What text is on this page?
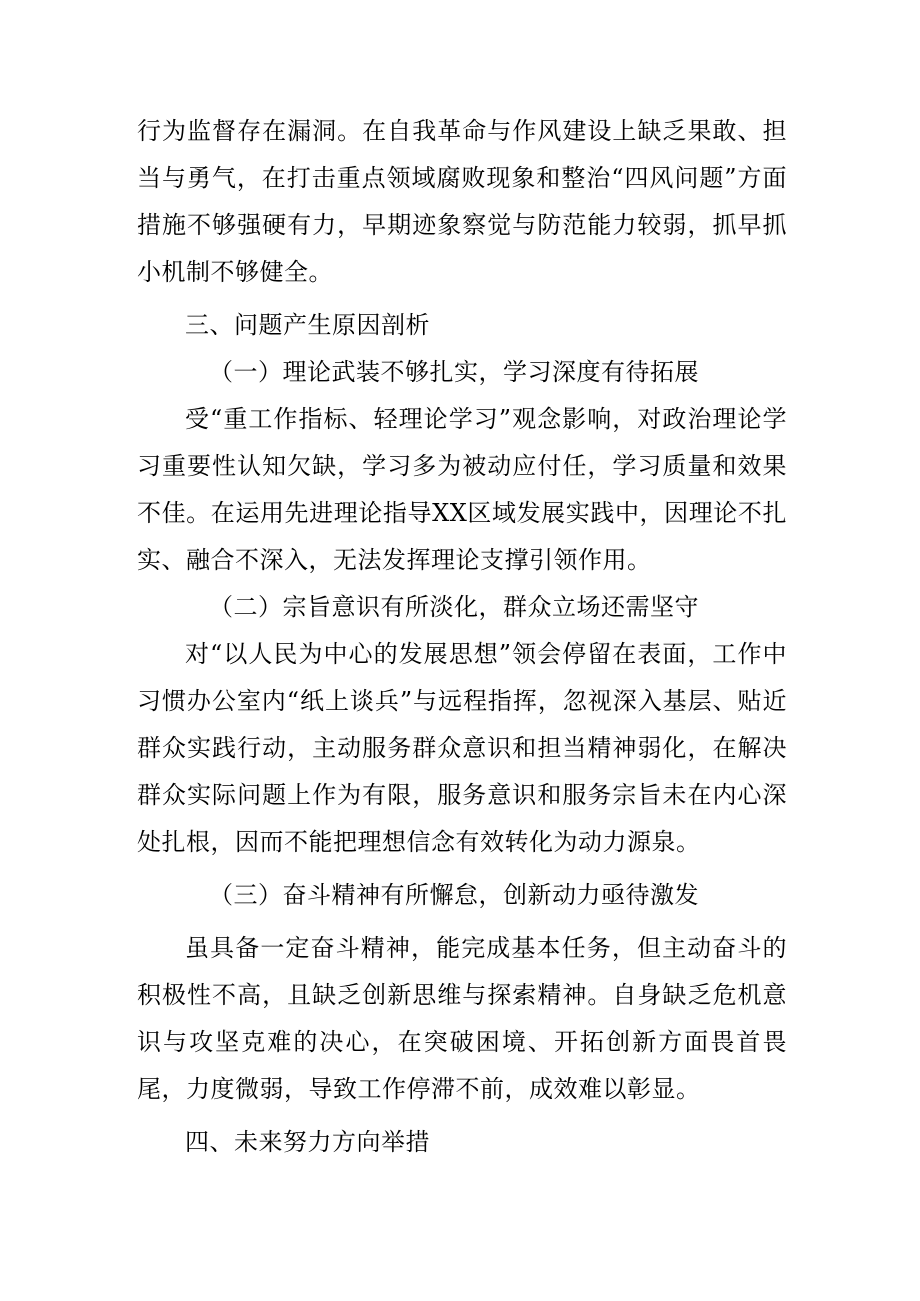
行为监督存在漏洞。在自我革命与作风建设上缺乏果敢、担当与勇气，在打击重点领域腐败现象和整治“四风问题”方面措施不够强硬有力，早期迹象察觉与防范能力较弱，抓早抓小机制不够健全。

三、问题产生原因剖析

（一）理论武装不够扎实，学习深度有待拓展

受“重工作指标、轻理论学习”观念影响，对政治理论学习重要性认知欠缺，学习多为被动应付任，学习质量和效果不佳。在运用先进理论指导XX区域发展实践中，因理论不扎实、融合不深入，无法发挥理论支撑引领作用。

（二）宗旨意识有所淡化，群众立场还需坚守

对“以人民为中心的发展思想”领会停留在表面，工作中习惯办公室内“纸上谈兵”与远程指挥，忽视深入基层、贴近群众实践行动，主动服务群众意识和担当精神弱化，在解决群众实际问题上作为有限，服务意识和服务宗旨未在内心深处扎根，因而不能把理想信念有效转化为动力源泉。

（三）奋斗精神有所懈怠，创新动力亟待激发

虽具备一定奋斗精神，能完成基本任务，但主动奋斗的积极性不高，且缺乏创新思维与探索精神。自身缺乏危机意识与攻坚克难的决心，在突破困境、开拓创新方面畏首畏尾，力度微弱，导致工作停滞不前，成效难以彰显。

四、未来努力方向举措
